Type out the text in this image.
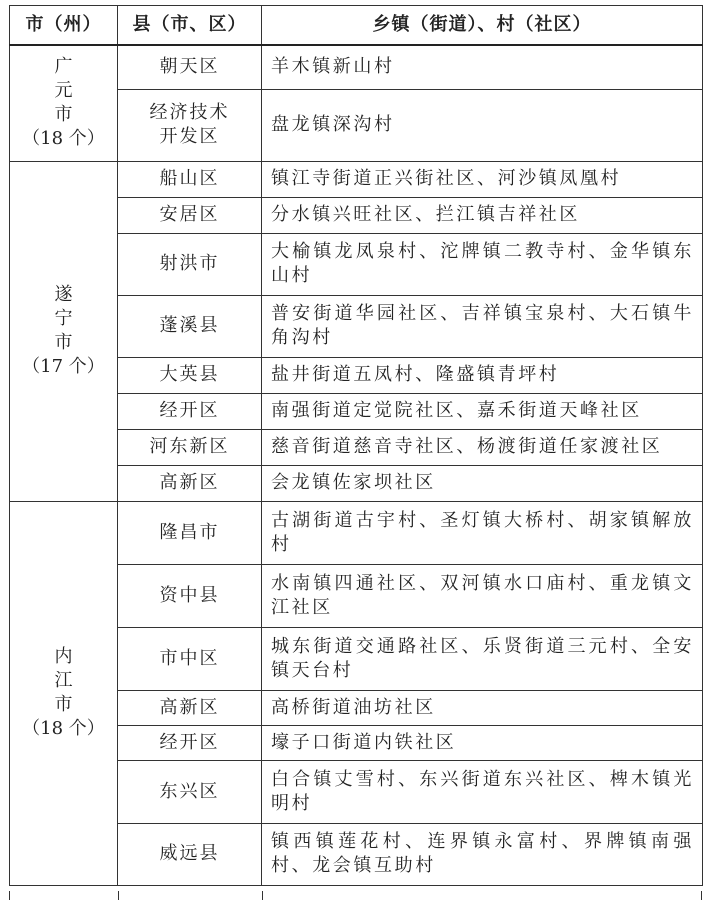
市（州）	县（市、区）	乡镇（街道）、村（社区）

广
元
市
（18 个）	朝天区	羊木镇新山村
	经济技术开发区	盘龙镇深沟村

遂
宁
市
（17 个）	船山区	镇江寺街道正兴街社区、河沙镇凤凰村
	安居区	分水镇兴旺社区、拦江镇吉祥社区
	射洪市	大榆镇龙凤泉村、沱牌镇二教寺村、金华镇东山村
	蓬溪县	普安街道华园社区、吉祥镇宝泉村、大石镇牛角沟村
	大英县	盐井街道五凤村、隆盛镇青坪村
	经开区	南强街道定觉院社区、嘉禾街道天峰社区
	河东新区	慈音街道慈音寺社区、杨渡街道任家渡社区
	高新区	会龙镇佐家坝社区

内
江
市
（18 个）	隆昌市	古湖街道古宇村、圣灯镇大桥村、胡家镇解放村
	资中县	水南镇四通社区、双河镇水口庙村、重龙镇文江社区
	市中区	城东街道交通路社区、乐贤街道三元村、全安镇天台村
	高新区	高桥街道油坊社区
	经开区	壕子口街道内铁社区
	东兴区	白合镇丈雪村、东兴街道东兴社区、椑木镇光明村
	威远县	镇西镇莲花村、连界镇永富村、界牌镇南强村、龙会镇互助村
